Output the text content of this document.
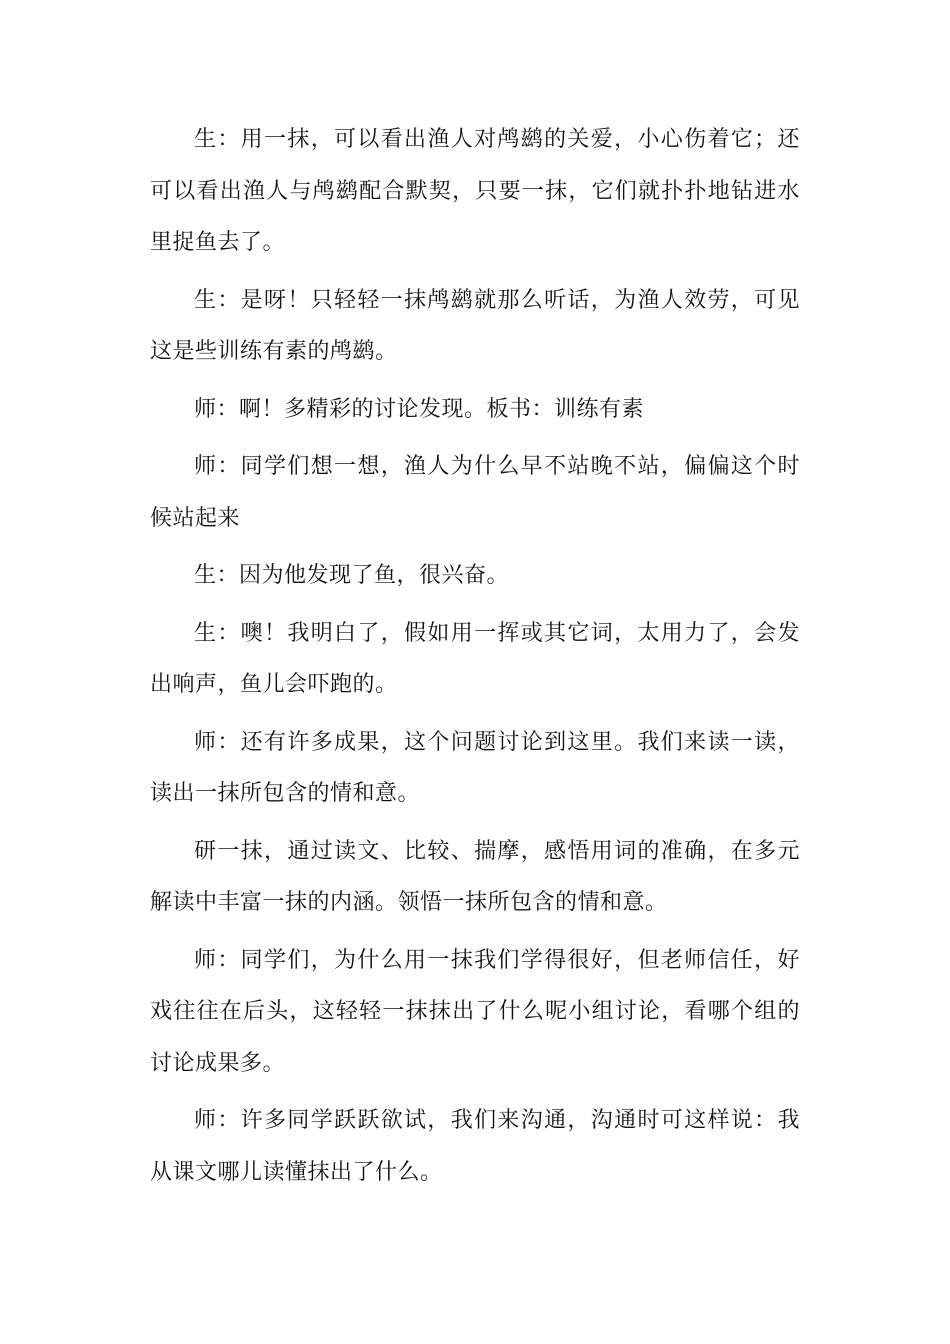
生：用一抹，可以看出渔人对鸬鹚的关爱，小心伤着它；还可以看出渔人与鸬鹚配合默契，只要一抹，它们就扑扑地钻进水里捉鱼去了。

生：是呀！只轻轻一抹鸬鹚就那么听话，为渔人效劳，可见这是些训练有素的鸬鹚。

师：啊！多精彩的讨论发现。板书：训练有素

师：同学们想一想，渔人为什么早不站晚不站，偏偏这个时候站起来

生：因为他发现了鱼，很兴奋。

生：噢！我明白了，假如用一挥或其它词，太用力了，会发出响声，鱼儿会吓跑的。

师：还有许多成果，这个问题讨论到这里。我们来读一读，读出一抹所包含的情和意。

研一抹，通过读文、比较、揣摩，感悟用词的准确，在多元解读中丰富一抹的内涵。领悟一抹所包含的情和意。

师：同学们，为什么用一抹我们学得很好，但老师信任，好戏往往在后头，这轻轻一抹抹出了什么呢小组讨论，看哪个组的讨论成果多。

师：许多同学跃跃欲试，我们来沟通，沟通时可这样说：我从课文哪儿读懂抹出了什么。
